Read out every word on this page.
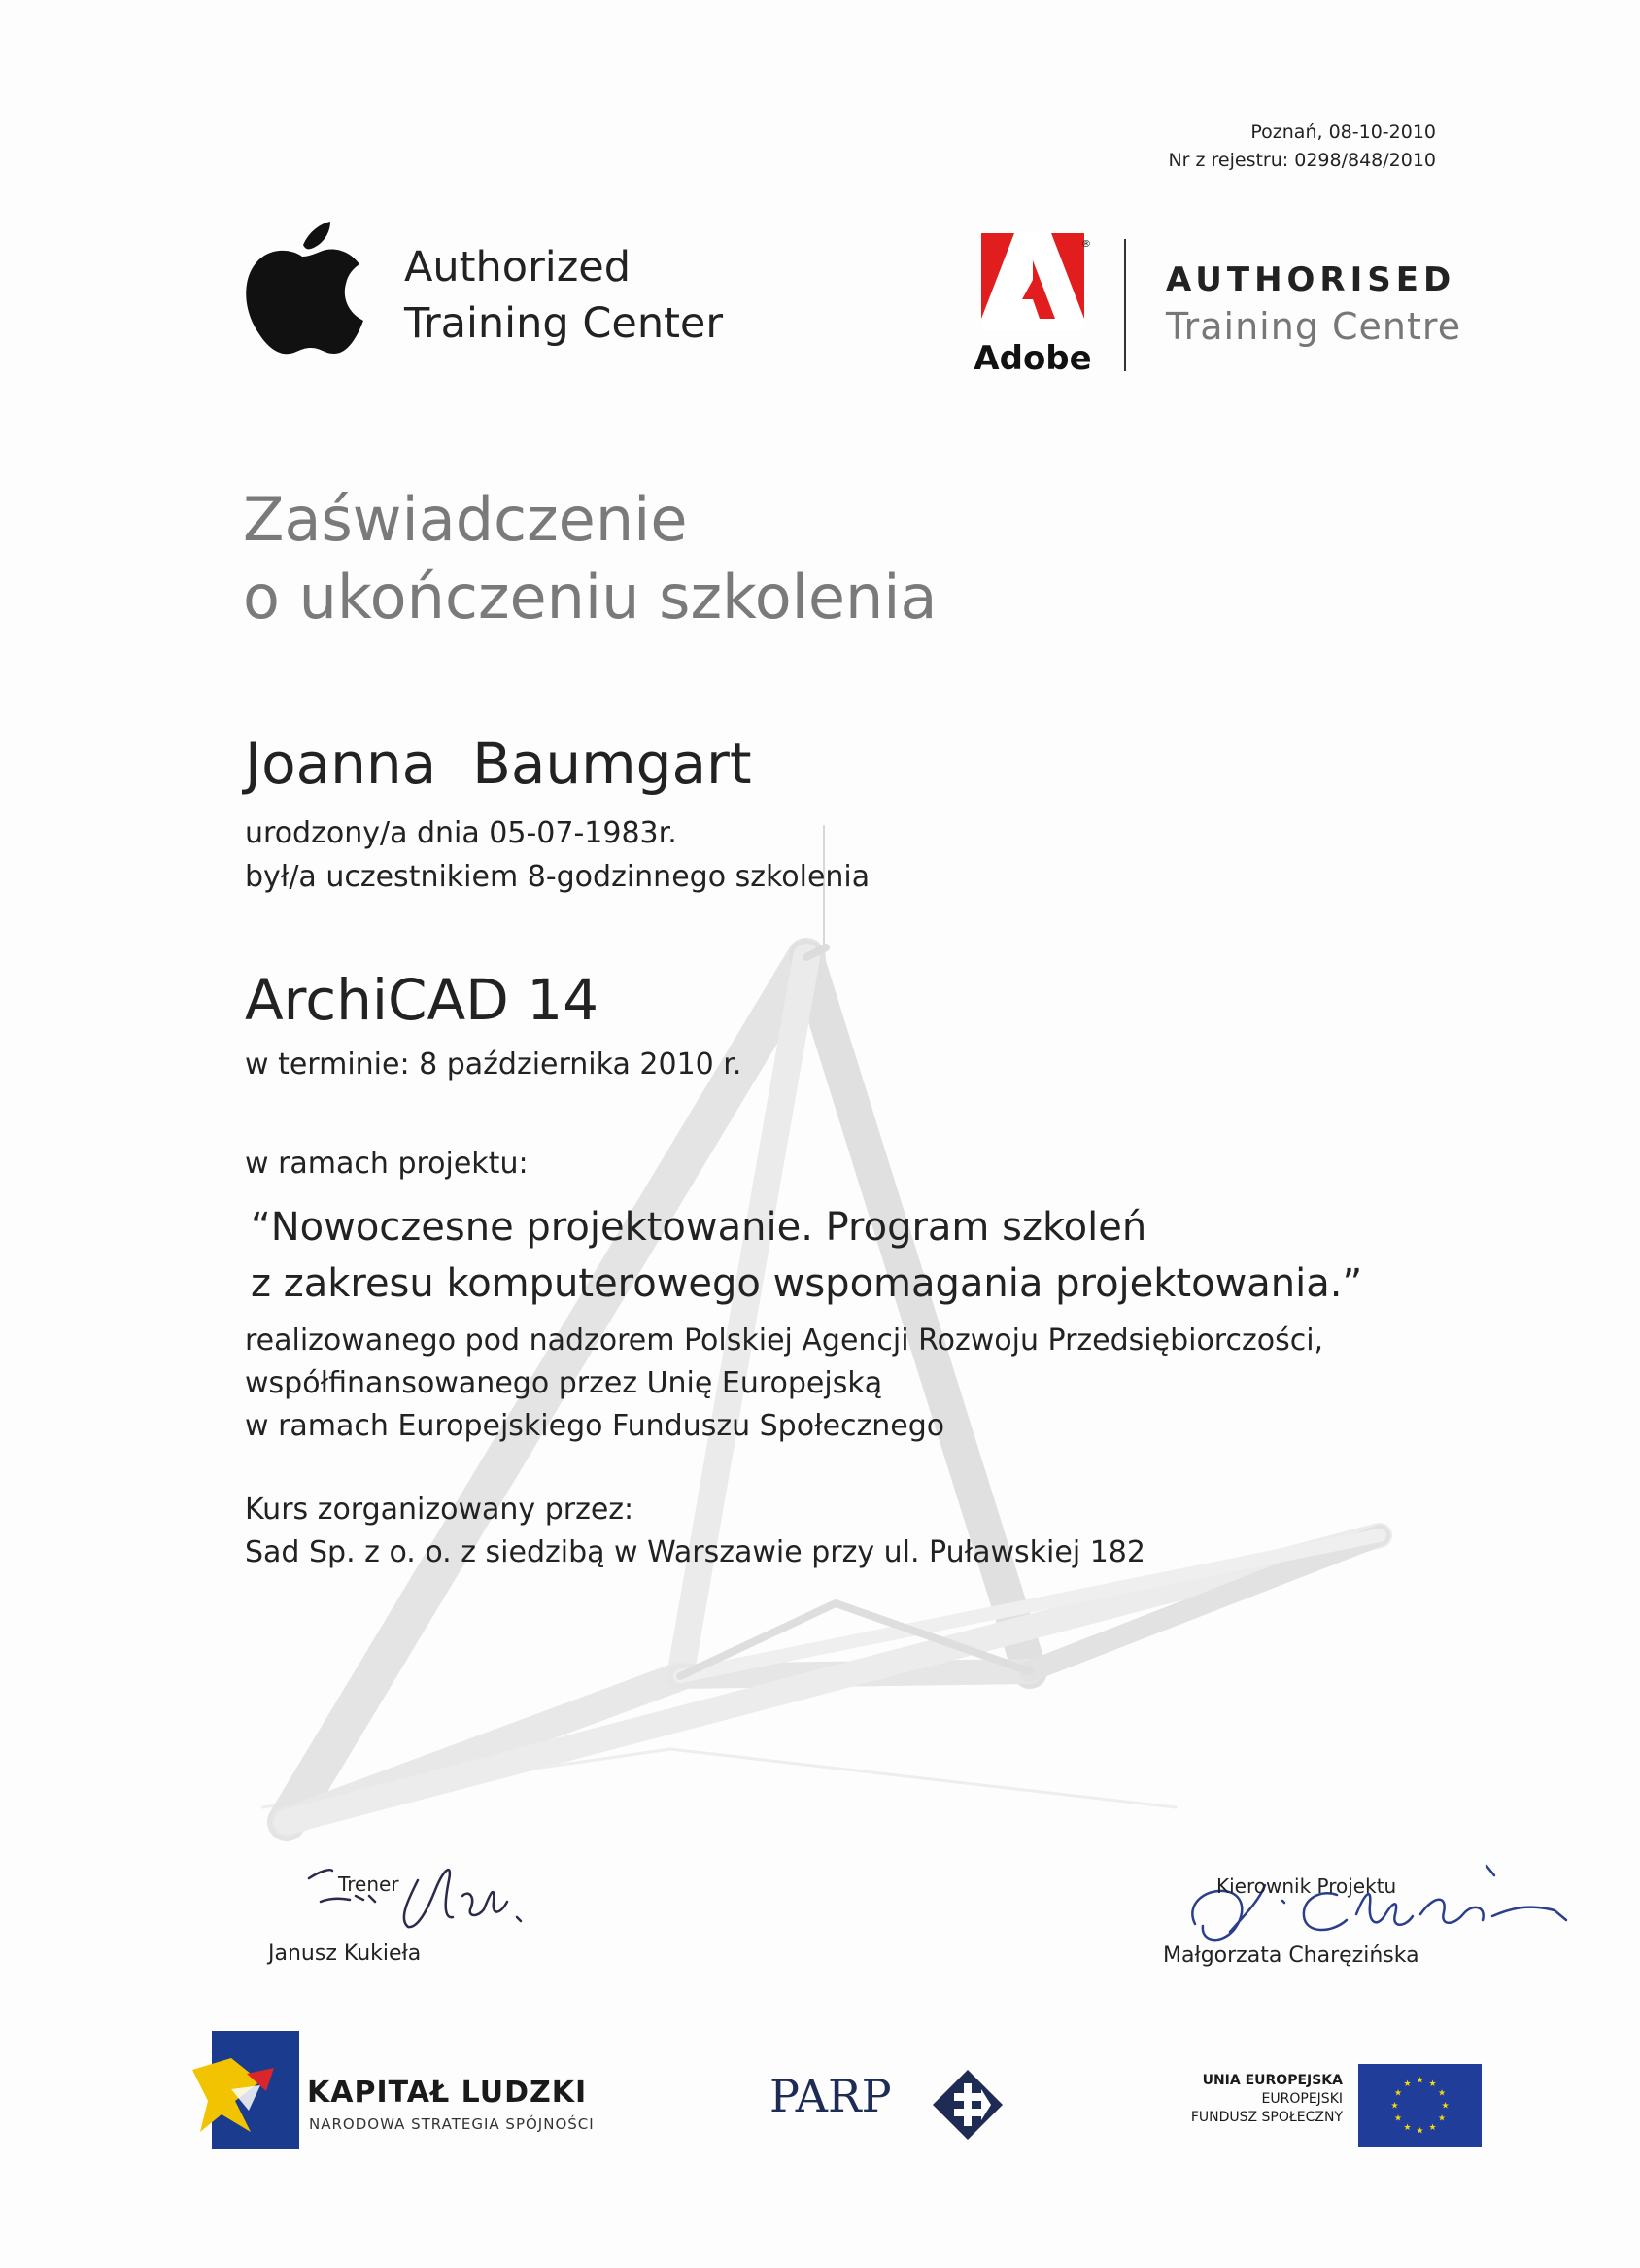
Poznań, 08-10-2010
Nr z rejestru: 0298/848/2010
Authorized
Training Center
Adobe
®
AUTHORISED
Training Centre
Zaświadczenie
o ukończeniu szkolenia
Joanna  Baumgart
urodzony/a dnia 05-07-1983r.
był/a uczestnikiem 8-godzinnego szkolenia
ArchiCAD 14
w terminie: 8 października 2010 r.
w ramach projektu:
“Nowoczesne projektowanie. Program szkoleń
z zakresu komputerowego wspomagania projektowania.”
realizowanego pod nadzorem Polskiej Agencji Rozwoju Przedsiębiorczości,
współfinansowanego przez Unię Europejską
w ramach Europejskiego Funduszu Społecznego
Kurs zorganizowany przez:
Sad Sp. z o. o. z siedzibą w Warszawie przy ul. Puławskiej 182
Trener
Janusz Kukieła
Kierownik Projektu
Małgorzata Charęzińska
KAPITAŁ LUDZKI
NARODOWA STRATEGIA SPÓJNOŚCI
PARP	UNIA EUROPEJSKA
EUROPEJSKI
FUNDUSZ SPOŁECZNY
★ ★
★
★
★
★
★
★
★
★
★
★
